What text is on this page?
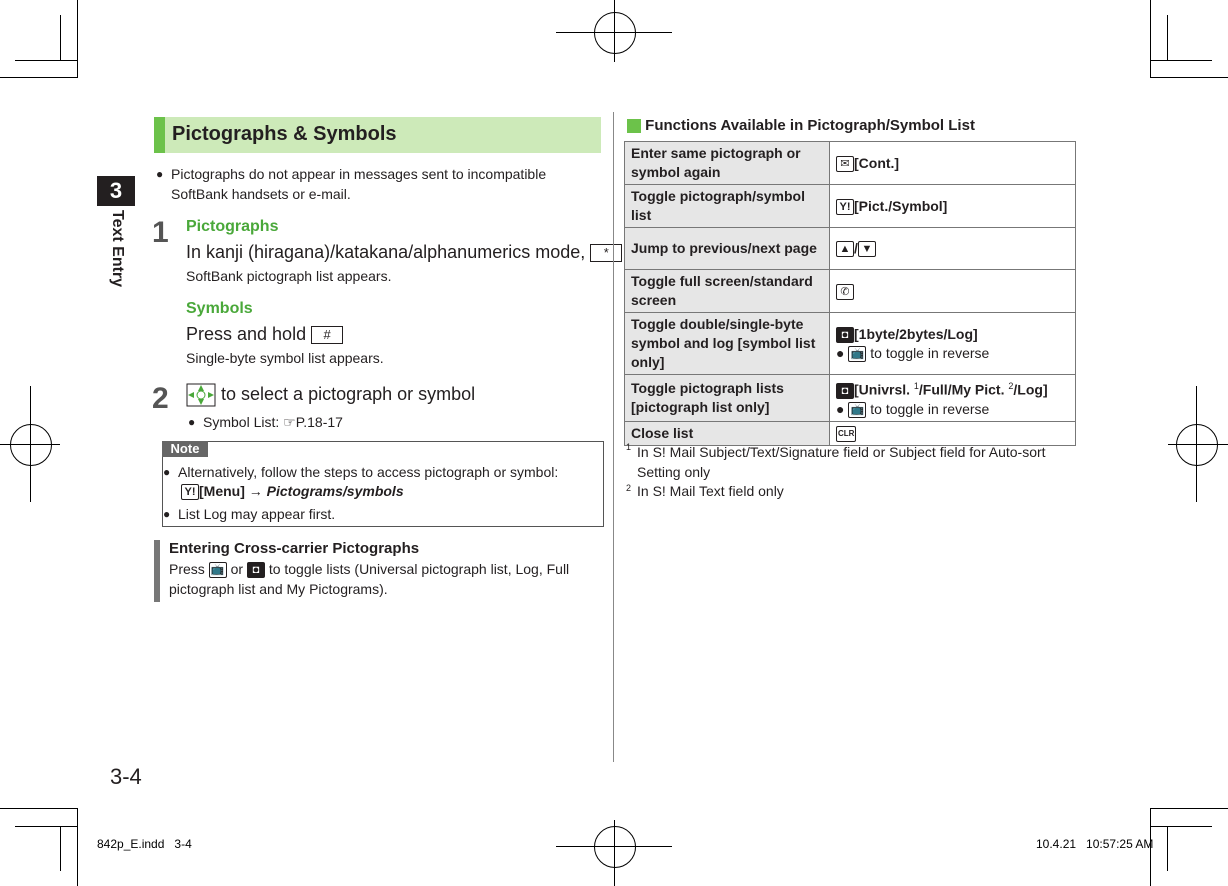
3
Text Entry
3-4
Pictographs & Symbols
● Pictographs do not appear in messages sent to incompatible SoftBank handsets or e-mail.
1 Pictographs
In kanji (hiragana)/katakana/alphanumerics mode, *
SoftBank pictograph list appears.
Symbols
Press and hold #
Single-byte symbol list appears.
2	to select a pictograph or symbol
● Symbol List: ☞P.18-17
Note
● Alternatively, follow the steps to access pictograph or symbol:
Y! [Menu] → Pictograms/symbols
● List Log may appear first.
Entering Cross-carrier Pictographs
Press 📺 or ◘ to toggle lists (Universal pictograph list, Log, Full
pictograph list and My Pictograms).
Functions Available in Pictograph/Symbol List
Enter same pictograph or symbol again	✉ [Cont.]
Toggle pictograph/symbol list	Y! [Pict./Symbol]
Jump to previous/next page	▲ / ▼
Toggle full screen/standard screen	✆
Toggle double/single-byte symbol and log [symbol list only]	◘ [1byte/2bytes/Log]
● 📺 to toggle in reverse
Toggle pictograph lists [pictograph list only]	◘ [Univrsl. $^1$/Full/My Pict. $^2$/Log]
● 📺 to toggle in reverse
Close list	CLR
1 In S! Mail Subject/Text/Signature field or Subject field for Auto-sort Setting only
2 In S! Mail Text field only
842p_E.indd   3-4	10.4.21   10:57:25 AM
